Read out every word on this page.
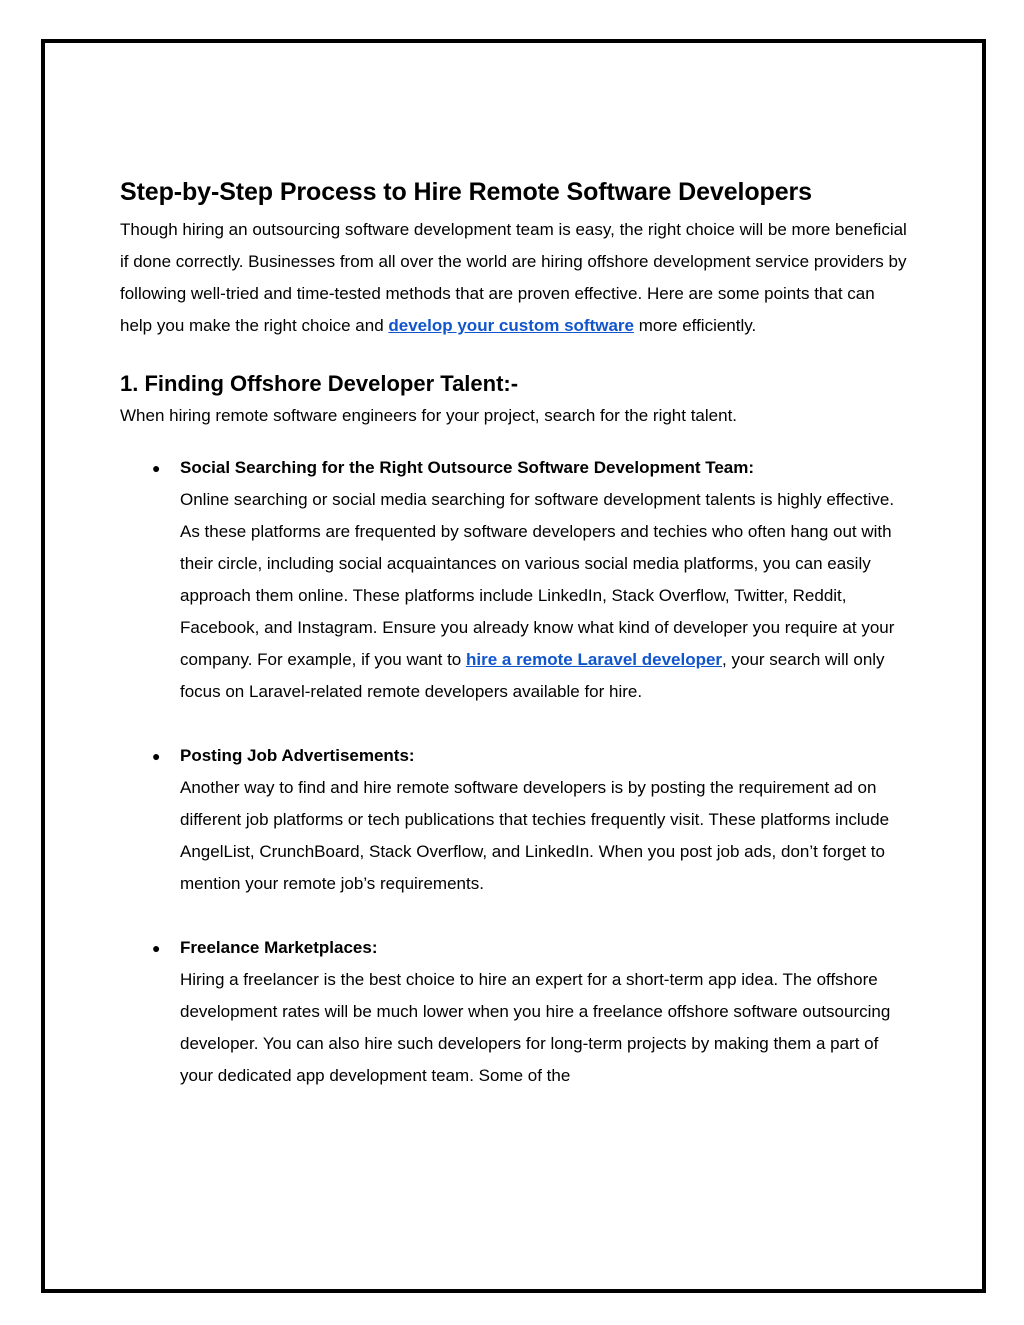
Step-by-Step Process to Hire Remote Software Developers

Though hiring an outsourcing software development team is easy, the right choice will be more beneficial if done correctly. Businesses from all over the world are hiring offshore development service providers by following well-tried and time-tested methods that are proven effective. Here are some points that can help you make the right choice and develop your custom software more efficiently.

1. Finding Offshore Developer Talent:-

When hiring remote software engineers for your project, search for the right talent.

● Social Searching for the Right Outsource Software Development Team:
Online searching or social media searching for software development talents is highly effective. As these platforms are frequented by software developers and techies who often hang out with their circle, including social acquaintances on various social media platforms, you can easily approach them online. These platforms include LinkedIn, Stack Overflow, Twitter, Reddit, Facebook, and Instagram. Ensure you already know what kind of developer you require at your company. For example, if you want to hire a remote Laravel developer, your search will only focus on Laravel-related remote developers available for hire.
● Posting Job Advertisements:
Another way to find and hire remote software developers is by posting the requirement ad on different job platforms or tech publications that techies frequently visit. These platforms include AngelList, CrunchBoard, Stack Overflow, and LinkedIn. When you post job ads, don’t forget to mention your remote job’s requirements.
● Freelance Marketplaces:
Hiring a freelancer is the best choice to hire an expert for a short-term app idea. The offshore development rates will be much lower when you hire a freelance offshore software outsourcing developer. You can also hire such developers for long-term projects by making them a part of your dedicated app development team. Some of the
